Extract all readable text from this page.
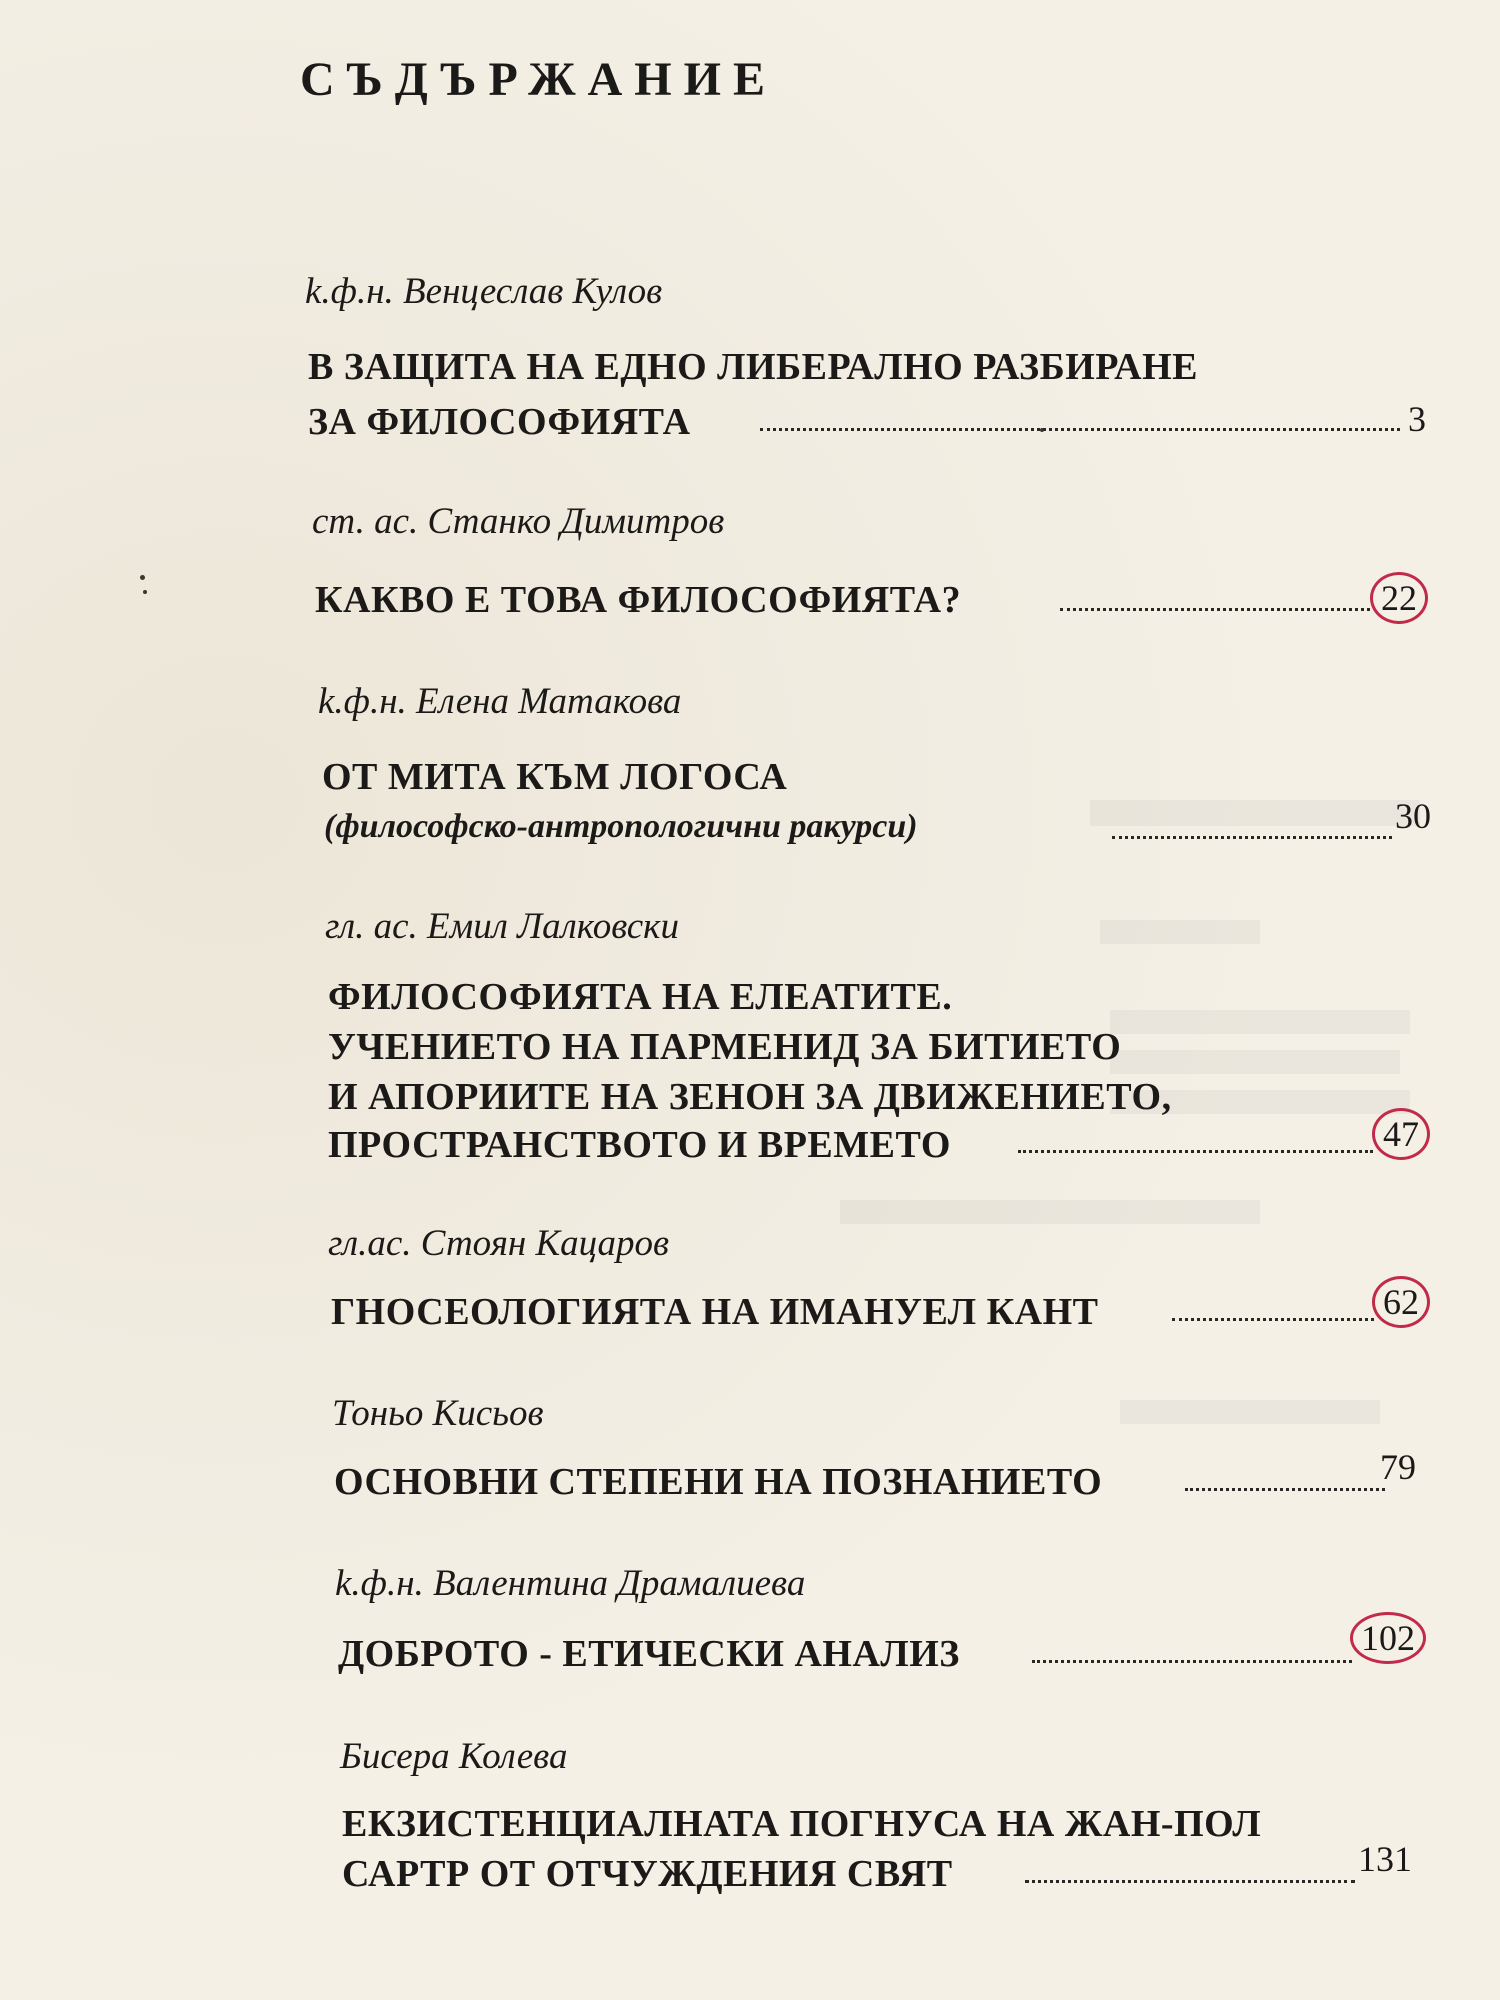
СЪДЪРЖАНИЕ
k.ф.н. Венцеслав Кулов
В ЗАЩИТА НА ЕДНО ЛИБЕРАЛНО РАЗБИРАНЕ
ЗА ФИЛОСОФИЯТА	3
ст. ас. Станко Димитров
КАКВО Е ТОВА ФИЛОСОФИЯТА?	22
k.ф.н. Елена Матакова
ОТ МИТА КЪМ ЛОГОСА
(философско-антропологични ракурси)	30
гл. ас. Емил Лалковски
ФИЛОСОФИЯТА НА ЕЛЕАТИТЕ.
УЧЕНИЕТО НА ПАРМЕНИД ЗА БИТИЕТО
И АПОРИИТЕ НА ЗЕНОН ЗА ДВИЖЕНИЕТО,
ПРОСТРАНСТВОТО И ВРЕМЕТО	47
гл.ас. Стоян Кацаров
ГНОСЕОЛОГИЯТА НА ИМАНУЕЛ КАНТ	62
Тоньо Кисьов
ОСНОВНИ СТЕПЕНИ НА ПОЗНАНИЕТО	79
k.ф.н. Валентина Драмалиева
ДОБРОТО - ЕТИЧЕСКИ АНАЛИЗ	102
Бисера Колева
ЕКЗИСТЕНЦИАЛНАТА ПОГНУСА НА ЖАН-ПОЛ
САРТР ОТ ОТЧУЖДЕНИЯ СВЯТ	131
